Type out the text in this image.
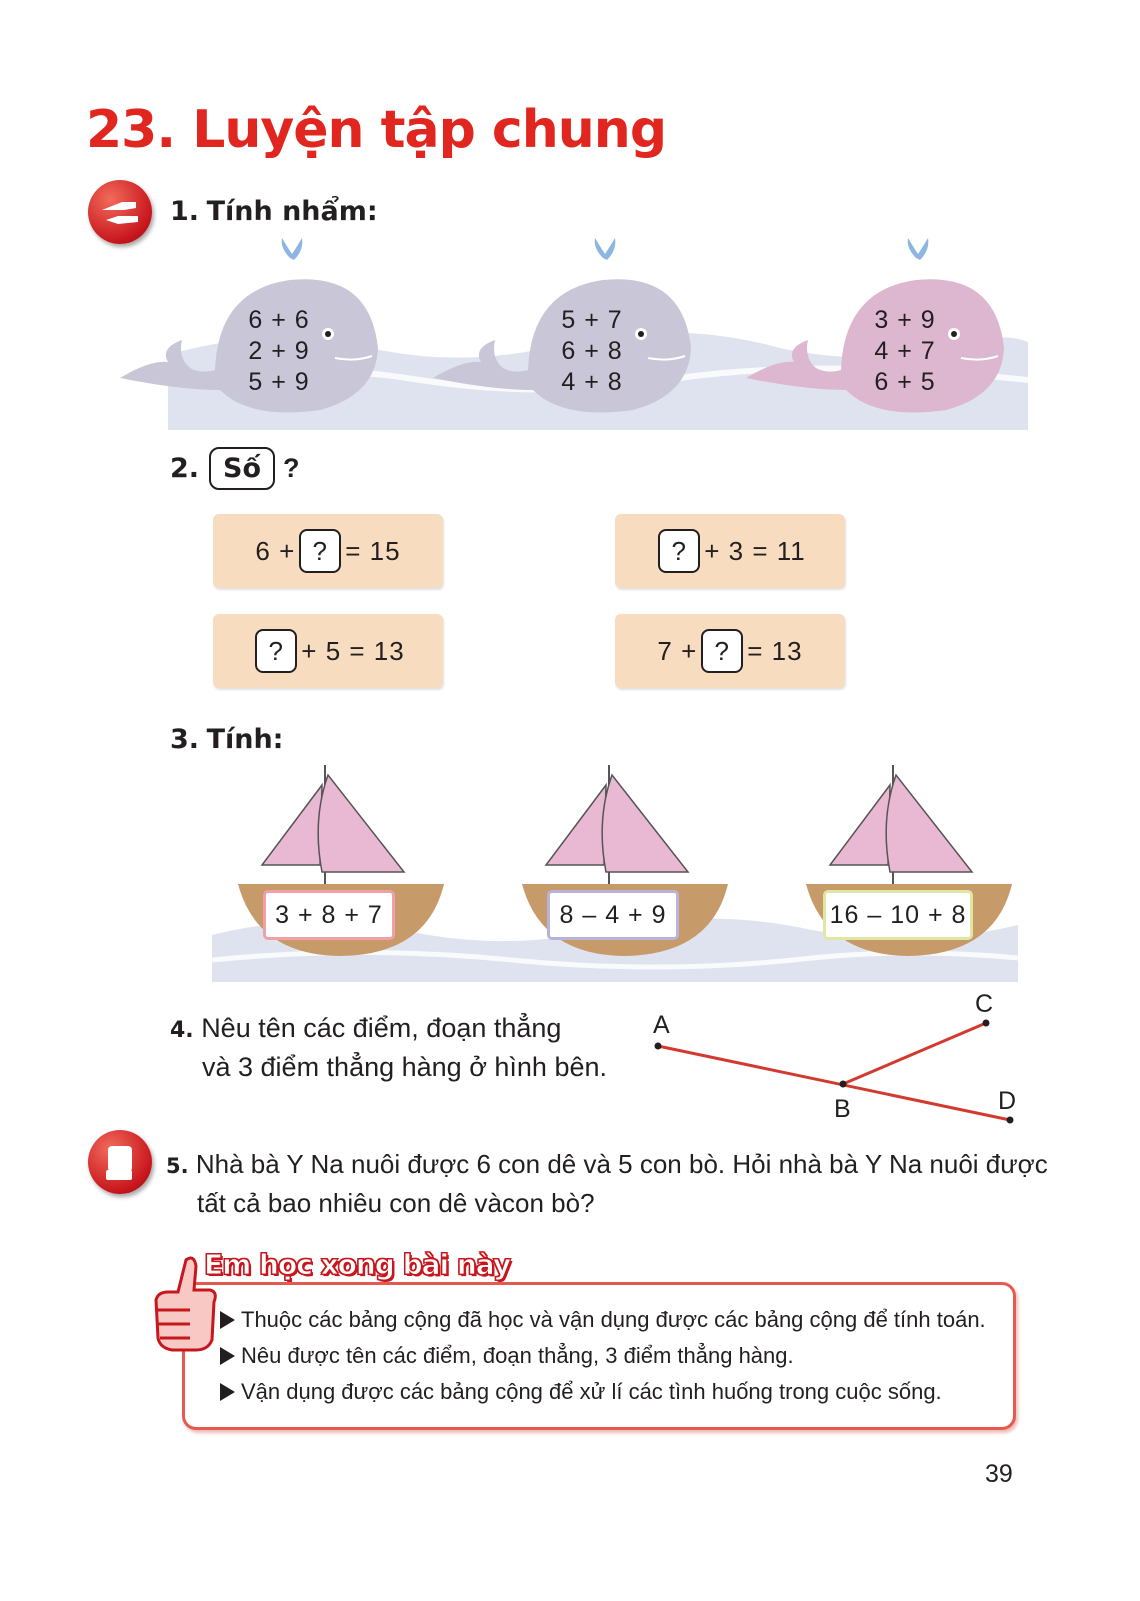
23. Luyện tập chung
1. Tính nhẩm:
6 + 6
2 + 9
5 + 9
5 + 7
6 + 8
4 + 8
3 + 9
4 + 7
6 + 5
2. Số ?
6 + ? = 15	? + 3 = 11
? + 5 = 13	7 + ? = 13
3. Tính:
3 + 8 + 7	8 – 4 + 9	16 – 10 + 8
4. Nêu tên các điểm, đoạn thẳng
và 3 điểm thẳng hàng ở hình bên.
A
B
C
D
5. Nhà bà Y Na nuôi được 6 con dê và 5 con bò. Hỏi nhà bà Y Na nuôi được
tất cả bao nhiêu con dê vàcon bò?
Em học xong bài này
Thuộc các bảng cộng đã học và vận dụng được các bảng cộng để tính toán.
Nêu được tên các điểm, đoạn thẳng, 3 điểm thẳng hàng.
Vận dụng được các bảng cộng để xử lí các tình huống trong cuộc sống.
39
